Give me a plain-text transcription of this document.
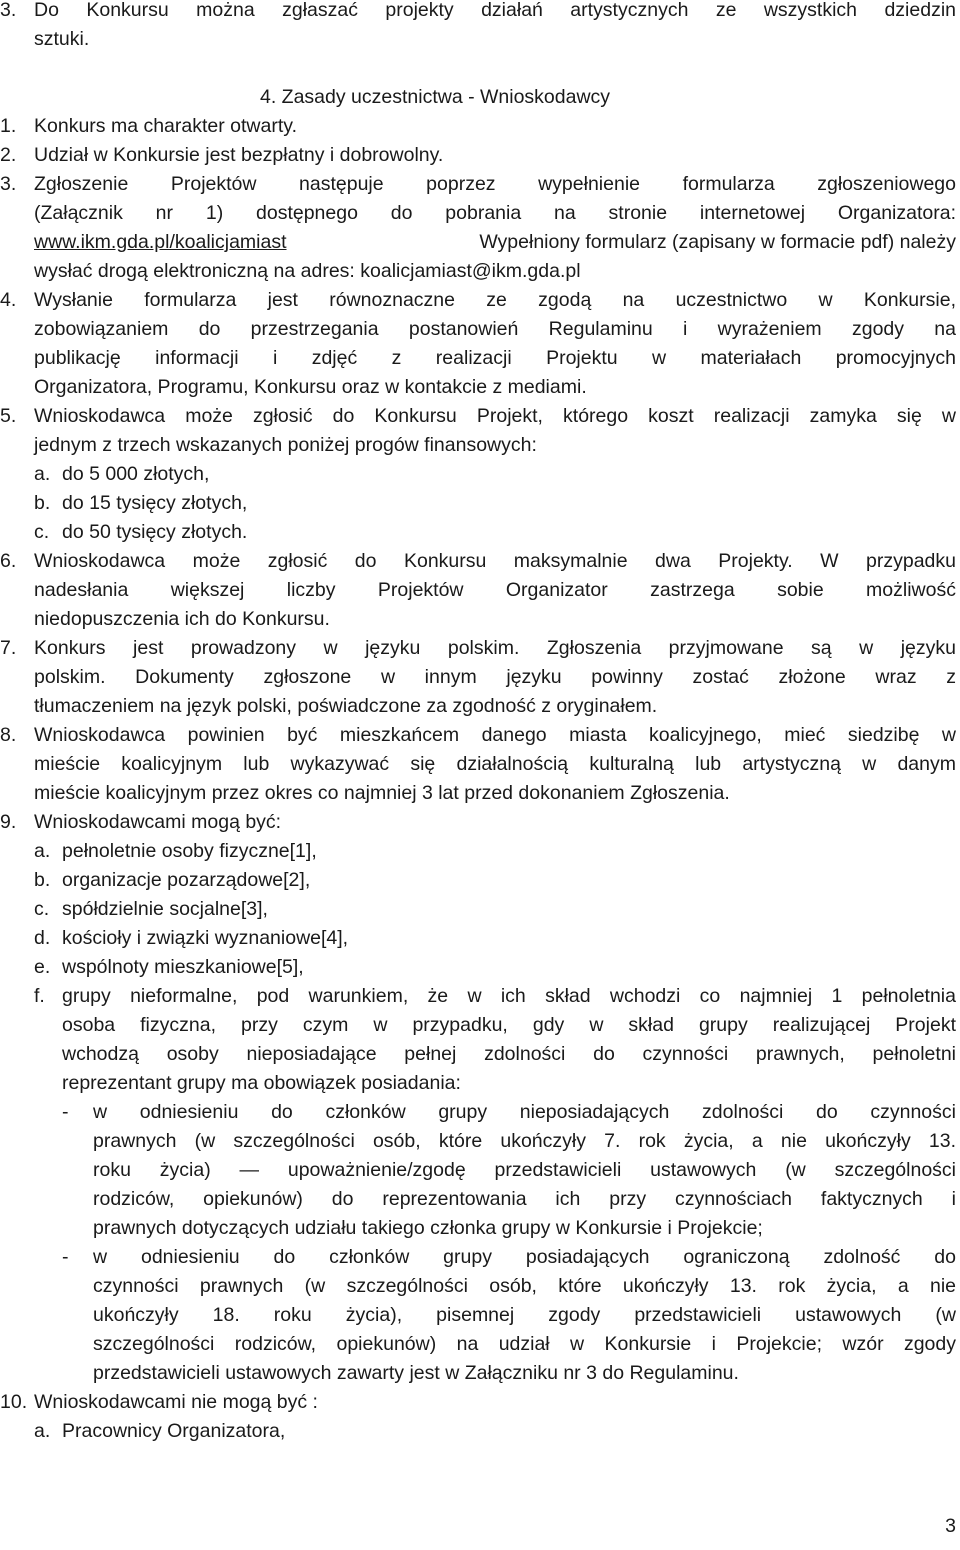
3. Do Konkursu można zgłaszać projekty działań artystycznych ze wszystkich dziedzin
sztuki.
4. Zasady uczestnictwa - Wnioskodawcy
1. Konkurs ma charakter otwarty.
2. Udział w Konkursie jest bezpłatny i dobrowolny.
3. Zgłoszenie Projektów następuje poprzez wypełnienie formularza zgłoszeniowego
(Załącznik nr 1) dostępnego do pobrania na stronie internetowej Organizatora:
www.ikm.gda.pl/koalicjamiast	Wypełniony formularz (zapisany w formacie pdf) należy
wysłać drogą elektroniczną na adres: koalicjamiast@ikm.gda.pl
4. Wysłanie formularza jest równoznaczne ze zgodą na uczestnictwo w Konkursie,
zobowiązaniem do przestrzegania postanowień Regulaminu i wyrażeniem zgody na
publikację informacji i zdjęć z realizacji Projektu w materiałach promocyjnych
Organizatora, Programu, Konkursu oraz w kontakcie z mediami.
5. Wnioskodawca może zgłosić do Konkursu Projekt, którego koszt realizacji zamyka się w
jednym z trzech wskazanych poniżej progów finansowych:
a. do 5 000 złotych,
b. do 15 tysięcy złotych,
c. do 50 tysięcy złotych.
6. Wnioskodawca może zgłosić do Konkursu maksymalnie dwa Projekty. W przypadku
nadesłania większej liczby Projektów Organizator zastrzega sobie możliwość
niedopuszczenia ich do Konkursu.
7. Konkurs jest prowadzony w języku polskim. Zgłoszenia przyjmowane są w języku
polskim. Dokumenty zgłoszone w innym języku powinny zostać złożone wraz z
tłumaczeniem na język polski, poświadczone za zgodność z oryginałem.
8. Wnioskodawca powinien być mieszkańcem danego miasta koalicyjnego, mieć siedzibę w
mieście koalicyjnym lub wykazywać się działalnością kulturalną lub artystyczną w danym
mieście koalicyjnym przez okres co najmniej 3 lat przed dokonaniem Zgłoszenia.
9. Wnioskodawcami mogą być:
a. pełnoletnie osoby fizyczne[1],
b. organizacje pozarządowe[2],
c. spółdzielnie socjalne[3],
d. kościoły i związki wyznaniowe[4],
e. wspólnoty mieszkaniowe[5],
f. grupy nieformalne, pod warunkiem, że w ich skład wchodzi co najmniej 1 pełnoletnia
osoba fizyczna, przy czym w przypadku, gdy w skład grupy realizującej Projekt
wchodzą osoby nieposiadające pełnej zdolności do czynności prawnych, pełnoletni
reprezentant grupy ma obowiązek posiadania:
- w odniesieniu do członków grupy nieposiadających zdolności do czynności
prawnych (w szczególności osób, które ukończyły 7. rok życia, a nie ukończyły 13.
roku życia) — upoważnienie/zgodę przedstawicieli ustawowych (w szczególności
rodziców, opiekunów) do reprezentowania ich przy czynnościach faktycznych i
prawnych dotyczących udziału takiego członka grupy w Konkursie i Projekcie;
- w odniesieniu do członków grupy posiadających ograniczoną zdolność do
czynności prawnych (w szczególności osób, które ukończyły 13. rok życia, a nie
ukończyły 18. roku życia), pisemnej zgody przedstawicieli ustawowych (w
szczególności rodziców, opiekunów) na udział w Konkursie i Projekcie; wzór zgody
przedstawicieli ustawowych zawarty jest w Załączniku nr 3 do Regulaminu.
10. Wnioskodawcami nie mogą być :
a. Pracownicy Organizatora,
3
